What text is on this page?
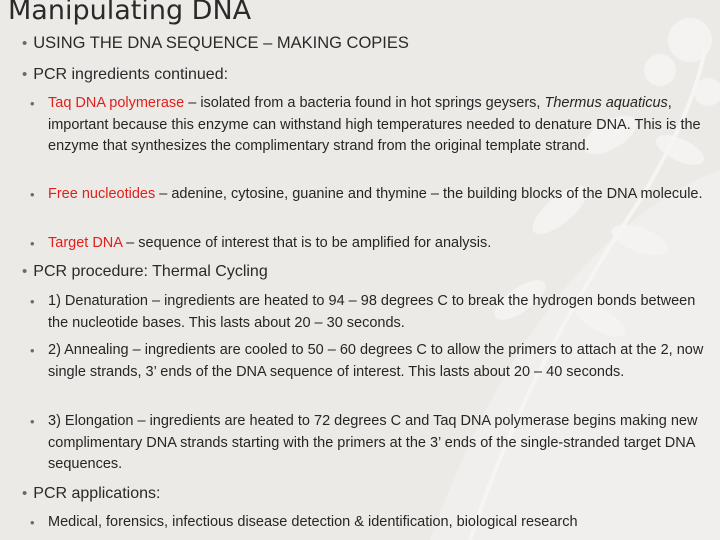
Manipulating DNA
• USING THE DNA SEQUENCE – MAKING COPIES
• PCR ingredients continued:
• Taq DNA polymerase – isolated from a bacteria found in hot springs geysers, Thermus aquaticus, important because this enzyme can withstand high temperatures needed to denature DNA. This is the enzyme that synthesizes the complimentary strand from the original template strand.
• Free nucleotides – adenine, cytosine, guanine and thymine – the building blocks of the DNA molecule.
• Target DNA – sequence of interest that is to be amplified for analysis.
• PCR procedure: Thermal Cycling
• 1) Denaturation – ingredients are heated to 94 – 98 degrees C to break the hydrogen bonds between the nucleotide bases. This lasts about 20 – 30 seconds.
• 2) Annealing – ingredients are cooled to 50 – 60 degrees C to allow the primers to attach at the 2, now single strands, 3’ ends of the DNA sequence of interest. This lasts about 20 – 40 seconds.
• 3) Elongation – ingredients are heated to 72 degrees C and Taq DNA polymerase begins making new complimentary DNA strands starting with the primers at the 3’ ends of the single-stranded target DNA sequences.
• PCR applications:
• Medical, forensics, infectious disease detection & identification, biological research
